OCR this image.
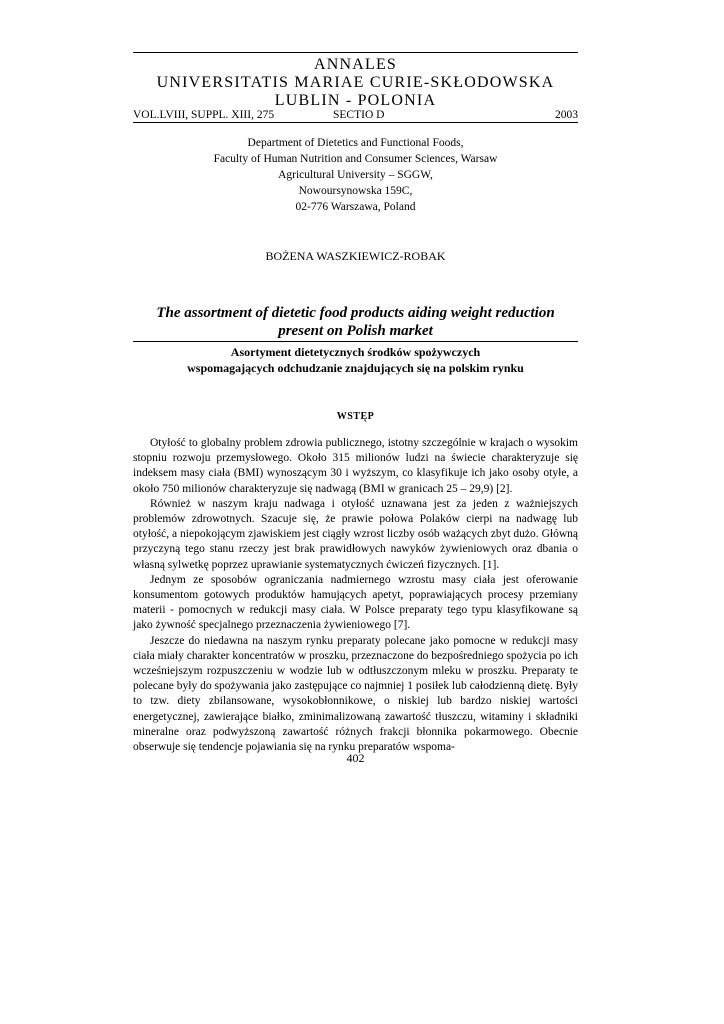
ANNALES
UNIVERSITATIS MARIAE CURIE-SKŁODOWSKA
LUBLIN - POLONIA
VOL.LVIII, SUPPL. XIII, 275	SECTIO D	2003
Department of Dietetics and Functional Foods,
Faculty of Human Nutrition and Consumer Sciences, Warsaw
Agricultural University – SGGW,
Nowoursynowska 159C,
02-776 Warszawa, Poland
BOŻENA WASZKIEWICZ-ROBAK
The assortment of dietetic food products aiding weight reduction
present on Polish market
Asortyment dietetycznych środków spożywczych
wspomagających odchudzanie znajdujących się na polskim rynku
WSTĘP

Otyłość to globalny problem zdrowia publicznego, istotny szczególnie w krajach o wysokim stopniu rozwoju przemysłowego. Około 315 milionów ludzi na świecie charakteryzuje się indeksem masy ciała (BMI) wynoszącym 30 i wyższym, co klasyfikuje ich jako osoby otyłe, a około 750 milionów charakteryzuje się nadwagą (BMI w granicach 25 – 29,9) [2].

Również w naszym kraju nadwaga i otyłość uznawana jest za jeden z ważniejszych problemów zdrowotnych. Szacuje się, że prawie połowa Polaków cierpi na nadwagę lub otyłość, a niepokojącym zjawiskiem jest ciągły wzrost liczby osób ważących zbyt dużo. Główną przyczyną tego stanu rzeczy jest brak prawidłowych nawyków żywieniowych oraz dbania o własną sylwetkę poprzez uprawianie systematycznych ćwiczeń fizycznych. [1].

Jednym ze sposobów ograniczania nadmiernego wzrostu masy ciała jest oferowanie konsumentom gotowych produktów hamujących apetyt, poprawiających procesy przemiany materii - pomocnych w redukcji masy ciała. W Polsce preparaty tego typu klasyfikowane są jako żywność specjalnego przeznaczenia żywieniowego [7].

Jeszcze do niedawna na naszym rynku preparaty polecane jako pomocne w redukcji masy ciała miały charakter koncentratów w proszku, przeznaczone do bezpośredniego spożycia po ich wcześniejszym rozpuszczeniu w wodzie lub w odtłuszczonym mleku w proszku. Preparaty te polecane były do spożywania jako zastępujące co najmniej 1 posiłek lub całodzienną dietę. Były to tzw. diety zbilansowane, wysokobłonnikowe, o niskiej lub bardzo niskiej wartości energetycznej, zawierające białko, zminimalizowaną zawartość tłuszczu, witaminy i składniki mineralne oraz podwyższoną zawartość różnych frakcji błonnika pokarmowego. Obecnie obserwuje się tendencje pojawiania się na rynku preparatów wspoma-

402
